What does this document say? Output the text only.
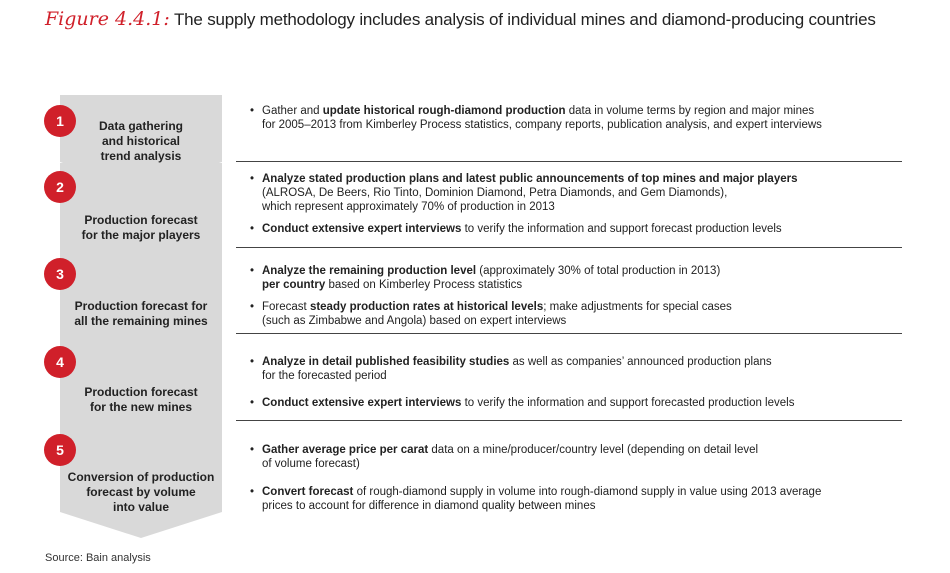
Figure 4.4.1: The supply methodology includes analysis of individual mines and diamond-producing countries
Data gathering
and historical
trend analysis
1
• Gather and update historical rough-diamond production data in volume terms by region and major mines
for 2005–2013 from Kimberley Process statistics, company reports, publication analysis, and expert interviews
Production forecast
for the major players
2	• Analyze stated production plans and latest public announcements of top mines and major players
(ALROSA, De Beers, Rio Tinto, Dominion Diamond, Petra Diamonds, and Gem Diamonds),
which represent approximately 70% of production in 2013
• Conduct extensive expert interviews to verify the information and support forecast production levels
Production forecast for
all the remaining mines
3	• Analyze the remaining production level (approximately 30% of total production in 2013)
per country based on Kimberley Process statistics
• Forecast steady production rates at historical levels; make adjustments for special cases
(such as Zimbabwe and Angola) based on expert interviews
Production forecast
for the new mines
4	• Analyze in detail published feasibility studies as well as companies’ announced production plans
for the forecasted period
• Conduct extensive expert interviews to verify the information and support forecasted production levels
Conversion of production
forecast by volume
into value
5	• Gather average price per carat data on a mine/producer/country level (depending on detail level
of volume forecast)
• Convert forecast of rough-diamond supply in volume into rough-diamond supply in value using 2013 average
prices to account for difference in diamond quality between mines
Source: Bain analysis
